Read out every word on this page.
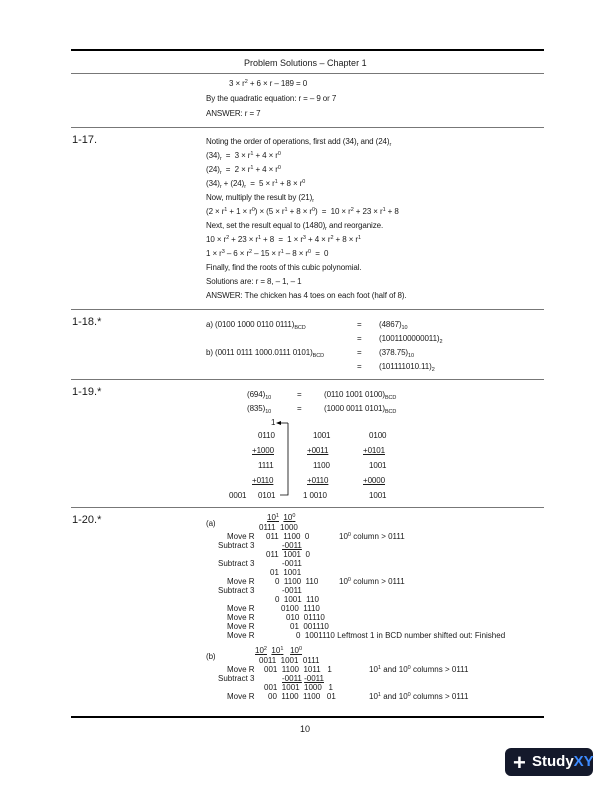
Problem Solutions – Chapter 1
$3 \times r^2 + 6 \times r - 189 = 0$
By the quadratic equation: r = – 9 or 7
ANSWER: r = 7
1-17.	Noting the order of operations, first add $(34)_r$ and $(24)_r$
$(34)_r = 3 \times r^1 + 4 \times r^0$
$(24)_r = 2 \times r^1 + 4 \times r^0$
$(34)_r + (24)_r = 5 \times r^1 + 8 \times r^0$
Now, multiply the result by $(21)_r$
$(2 \times r^1 + 1 \times r^0) \times (5 \times r^1 + 8 \times r^0) = 10 \times r^2 + 23 \times r^1 + 8$
Next, set the result equal to $(1480)_r$ and reorganize.
$10 \times r^2 + 23 \times r^1 + 8 = 1 \times r^3 + 4 \times r^2 + 8 \times r^1$
$1 \times r^3 - 6 \times r^2 - 15 \times r^1 - 8 \times r^0 = 0$
Finally, find the roots of this cubic polynomial.
Solutions are: r = 8, – 1, – 1
ANSWER: The chicken has 4 toes on each foot (half of 8).
1-18.*	a) (0100 1000 0110 $0111)_{BCD}$	= $(4867)_{10}$
= $(1001100000011)_2$
b) (0011 0111 1000.0111 $0101)_{BCD}$	= $(378.75)_{10}$
= $(101111010.11)_2$
1-19.*	$(694)_{10}$	=	(0110 1001 $0100)_{BCD}$
$(835)_{10}$	=	(1000 0011 $0101)_{BCD}$
1
0110	1001	0100
+1000	+0011	+0101
1111	1100	1001
+0110	+0110	+0000
0001 0101	1 0010	1001
1-20.*	(a)
$10^1$ $10^0$
0111  1000
Move R 011  1100  0	$10^0$ column > 0111
Subtract 3	-0011
011  1001  0
Subtract 3	-0011
01  1001
Move R	0  1100  110	$10^0$ column > 0111
Subtract 3	-0011
0  1001  110
Move R	0100  1110
Move R	010  01110
Move R	01  001110
Move R	0  1001110 Leftmost 1 in BCD number shifted out: Finished
(b)
$10^2$ $10^1$ $10^0$
0011  1001  0111
Move R 001  1100  1011   1	$10^1$ and $10^0$ columns > 0111
Subtract 3	-0011 -0011
001  1001  1000   1
Move R 00  1100  1100   01	$10^1$ and $10^0$ columns > 0111
10
+ StudyXY
